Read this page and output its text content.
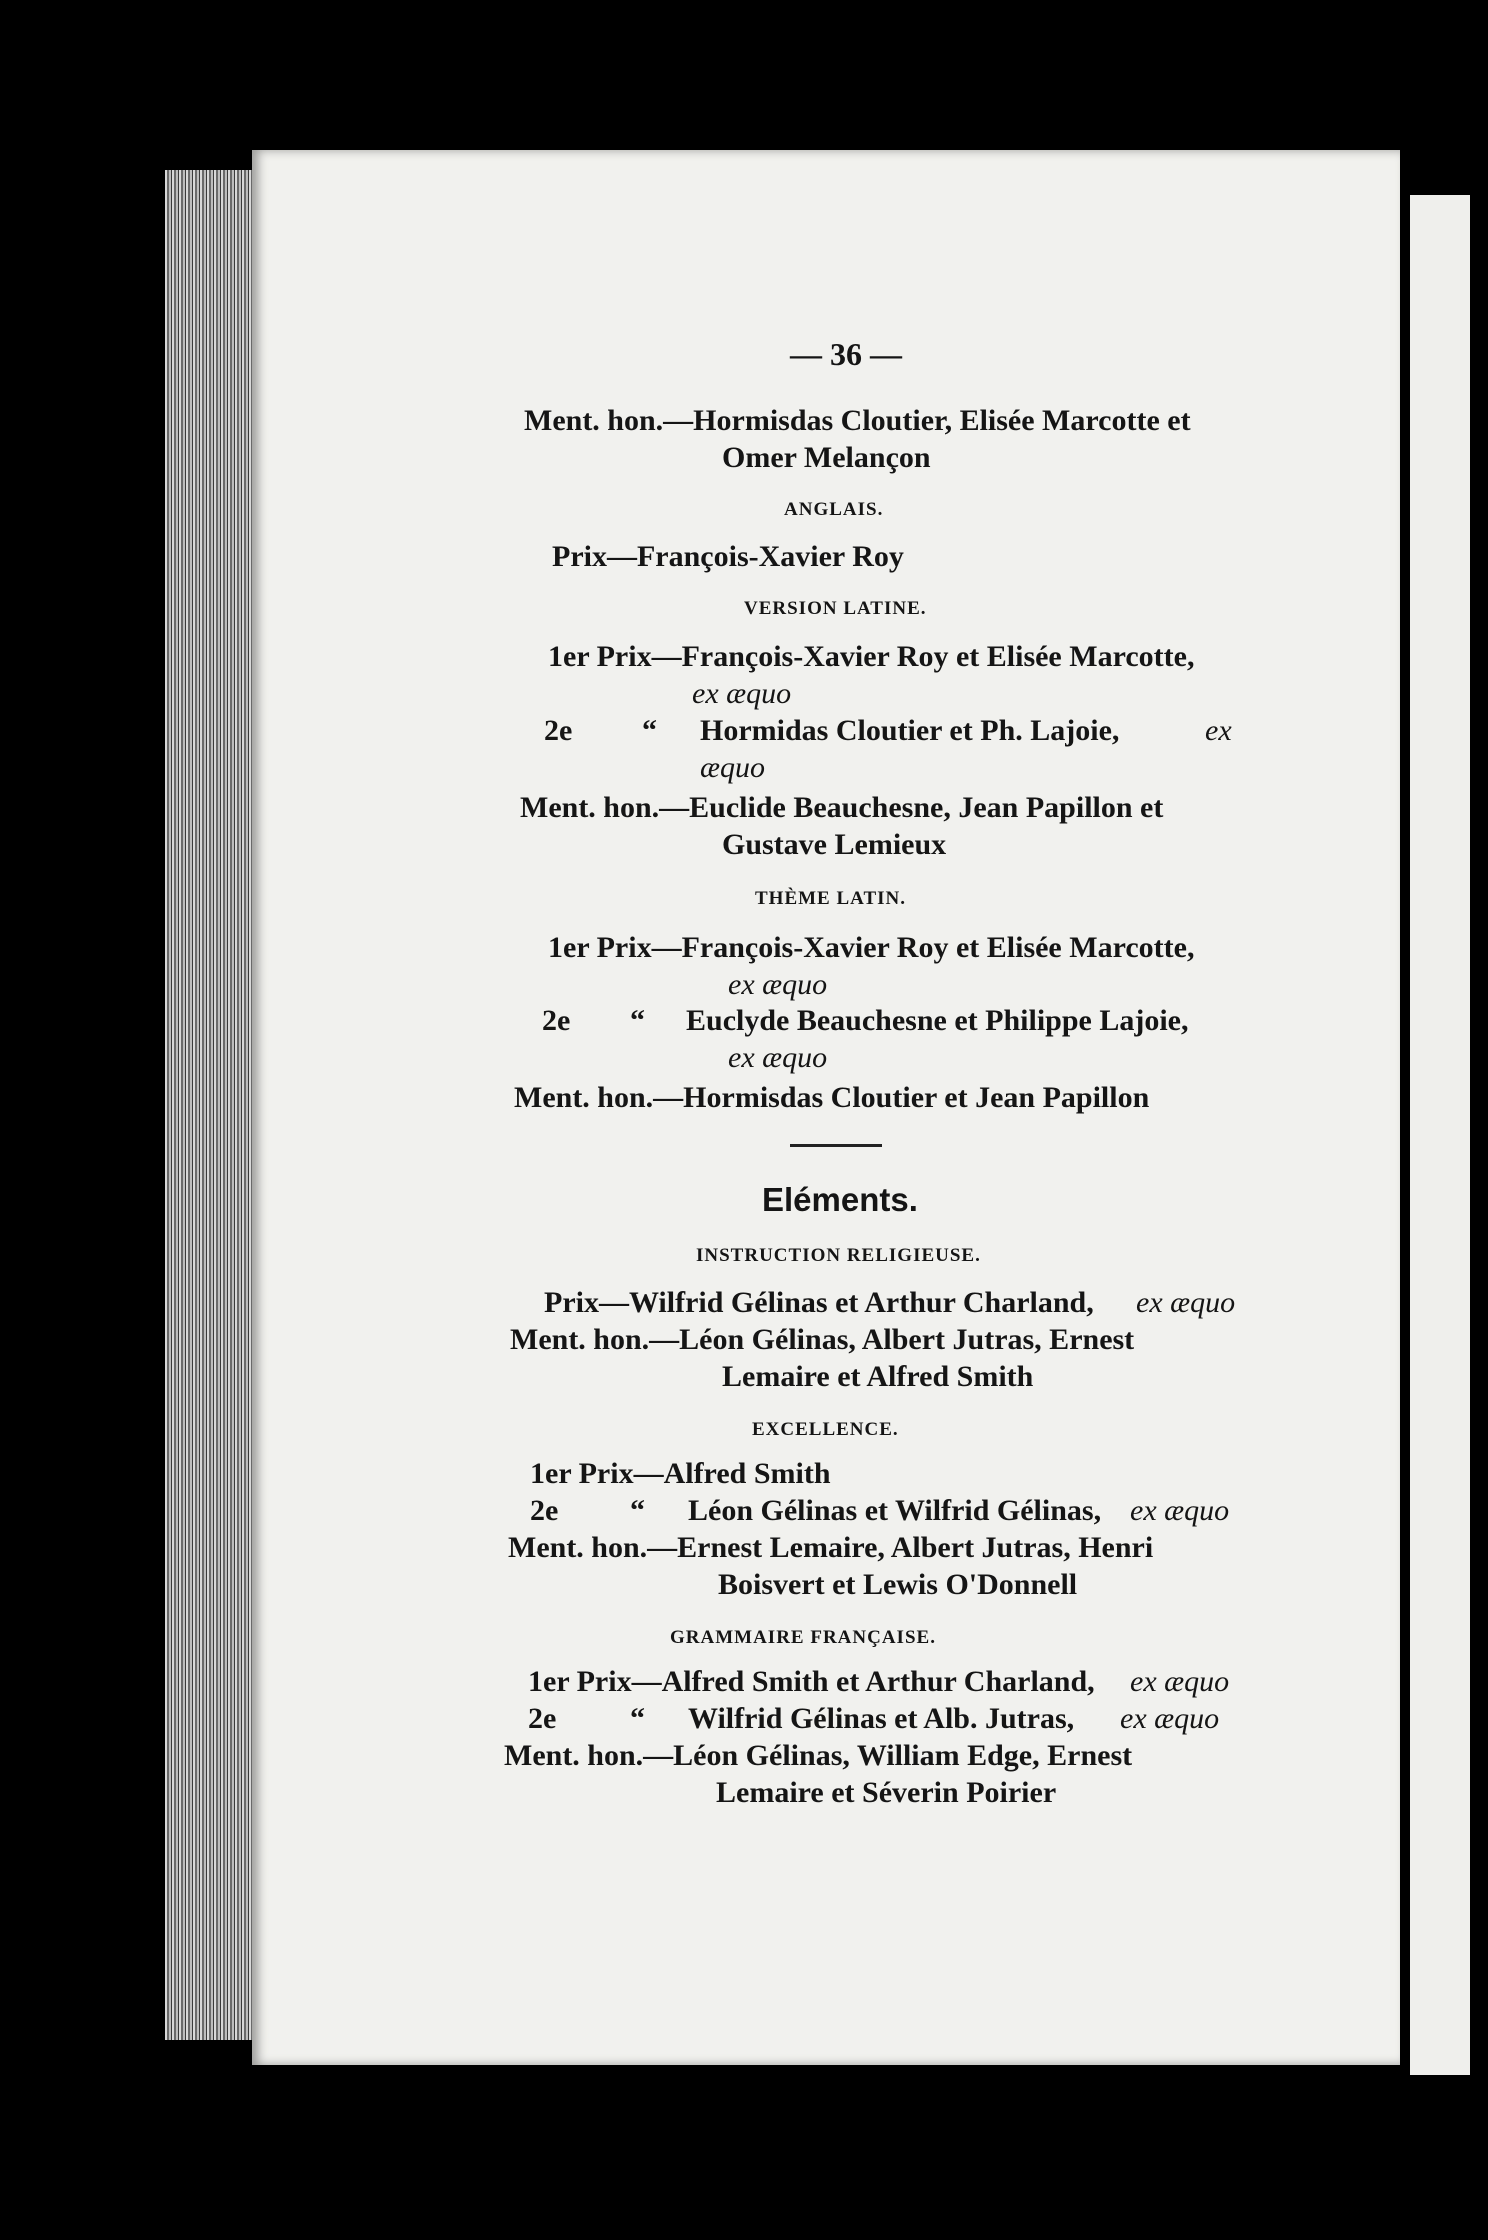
— 36 —
Ment. hon.—Hormisdas Cloutier, Elisée Marcotte et
Omer Melançon
ANGLAIS.
Prix—François-Xavier Roy
VERSION LATINE.
1er Prix—François-Xavier Roy et Elisée Marcotte,
ex æquo
2e “ Hormidas Cloutier et Ph. Lajoie,	ex
æquo
Ment. hon.—Euclide Beauchesne, Jean Papillon et
Gustave Lemieux
THÈME LATIN.
1er Prix—François-Xavier Roy et Elisée Marcotte,
ex æquo
2e “ Euclyde Beauchesne et Philippe Lajoie,
ex æquo
Ment. hon.—Hormisdas Cloutier et Jean Papillon
Eléments.
INSTRUCTION RELIGIEUSE.
Prix—Wilfrid Gélinas et Arthur Charland, ex æquo
Ment. hon.—Léon Gélinas, Albert Jutras, Ernest
Lemaire et Alfred Smith
EXCELLENCE.
1er Prix—Alfred Smith
2e “ Léon Gélinas et Wilfrid Gélinas, ex æquo
Ment. hon.—Ernest Lemaire, Albert Jutras, Henri
Boisvert et Lewis O'Donnell
GRAMMAIRE FRANÇAISE.
1er Prix—Alfred Smith et Arthur Charland, ex æquo
2e “ Wilfrid Gélinas et Alb. Jutras, ex æquo
Ment. hon.—Léon Gélinas, William Edge, Ernest
Lemaire et Séverin Poirier
